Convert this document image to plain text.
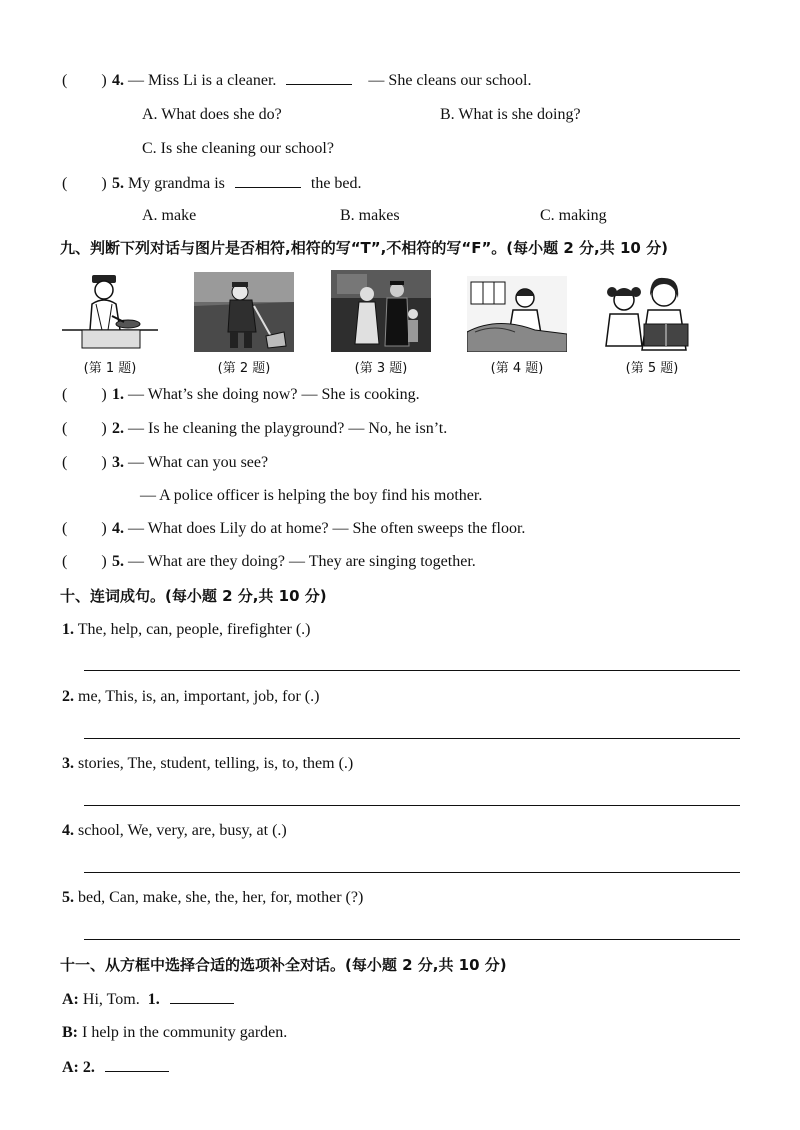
( ) 4. — Miss Li is a cleaner.	— She cleans our school.
A. What does she do?	B. What is she doing?
C. Is she cleaning our school?
( ) 5. My grandma is	the bed.
A. make	B. makes	C. making
九、判断下列对话与图片是否相符,相符的写“T”,不相符的写“F”。(每小题 2 分,共 10 分)
(第 1 题)	(第 2 题)	(第 3 题)	(第 4 题)	(第 5 题)
( ) 1. — What’s she doing now? — She is cooking.
( ) 2. — Is he cleaning the playground? — No, he isn’t.
( ) 3. — What can you see?
— A police officer is helping the boy find his mother.
( ) 4. — What does Lily do at home? — She often sweeps the floor.
( ) 5. — What are they doing? — They are singing together.
十、连词成句。(每小题 2 分,共 10 分)
1. The, help, can, people, firefighter (.)
2. me, This, is, an, important, job, for (.)
3. stories, The, student, telling, is, to, them (.)
4. school, We, very, are, busy, at (.)
5. bed, Can, make, she, the, her, for, mother (?)
十一、从方框中选择合适的选项补全对话。(每小题 2 分,共 10 分)
A: Hi, Tom. 1.
B: I help in the community garden.
A: 2.
